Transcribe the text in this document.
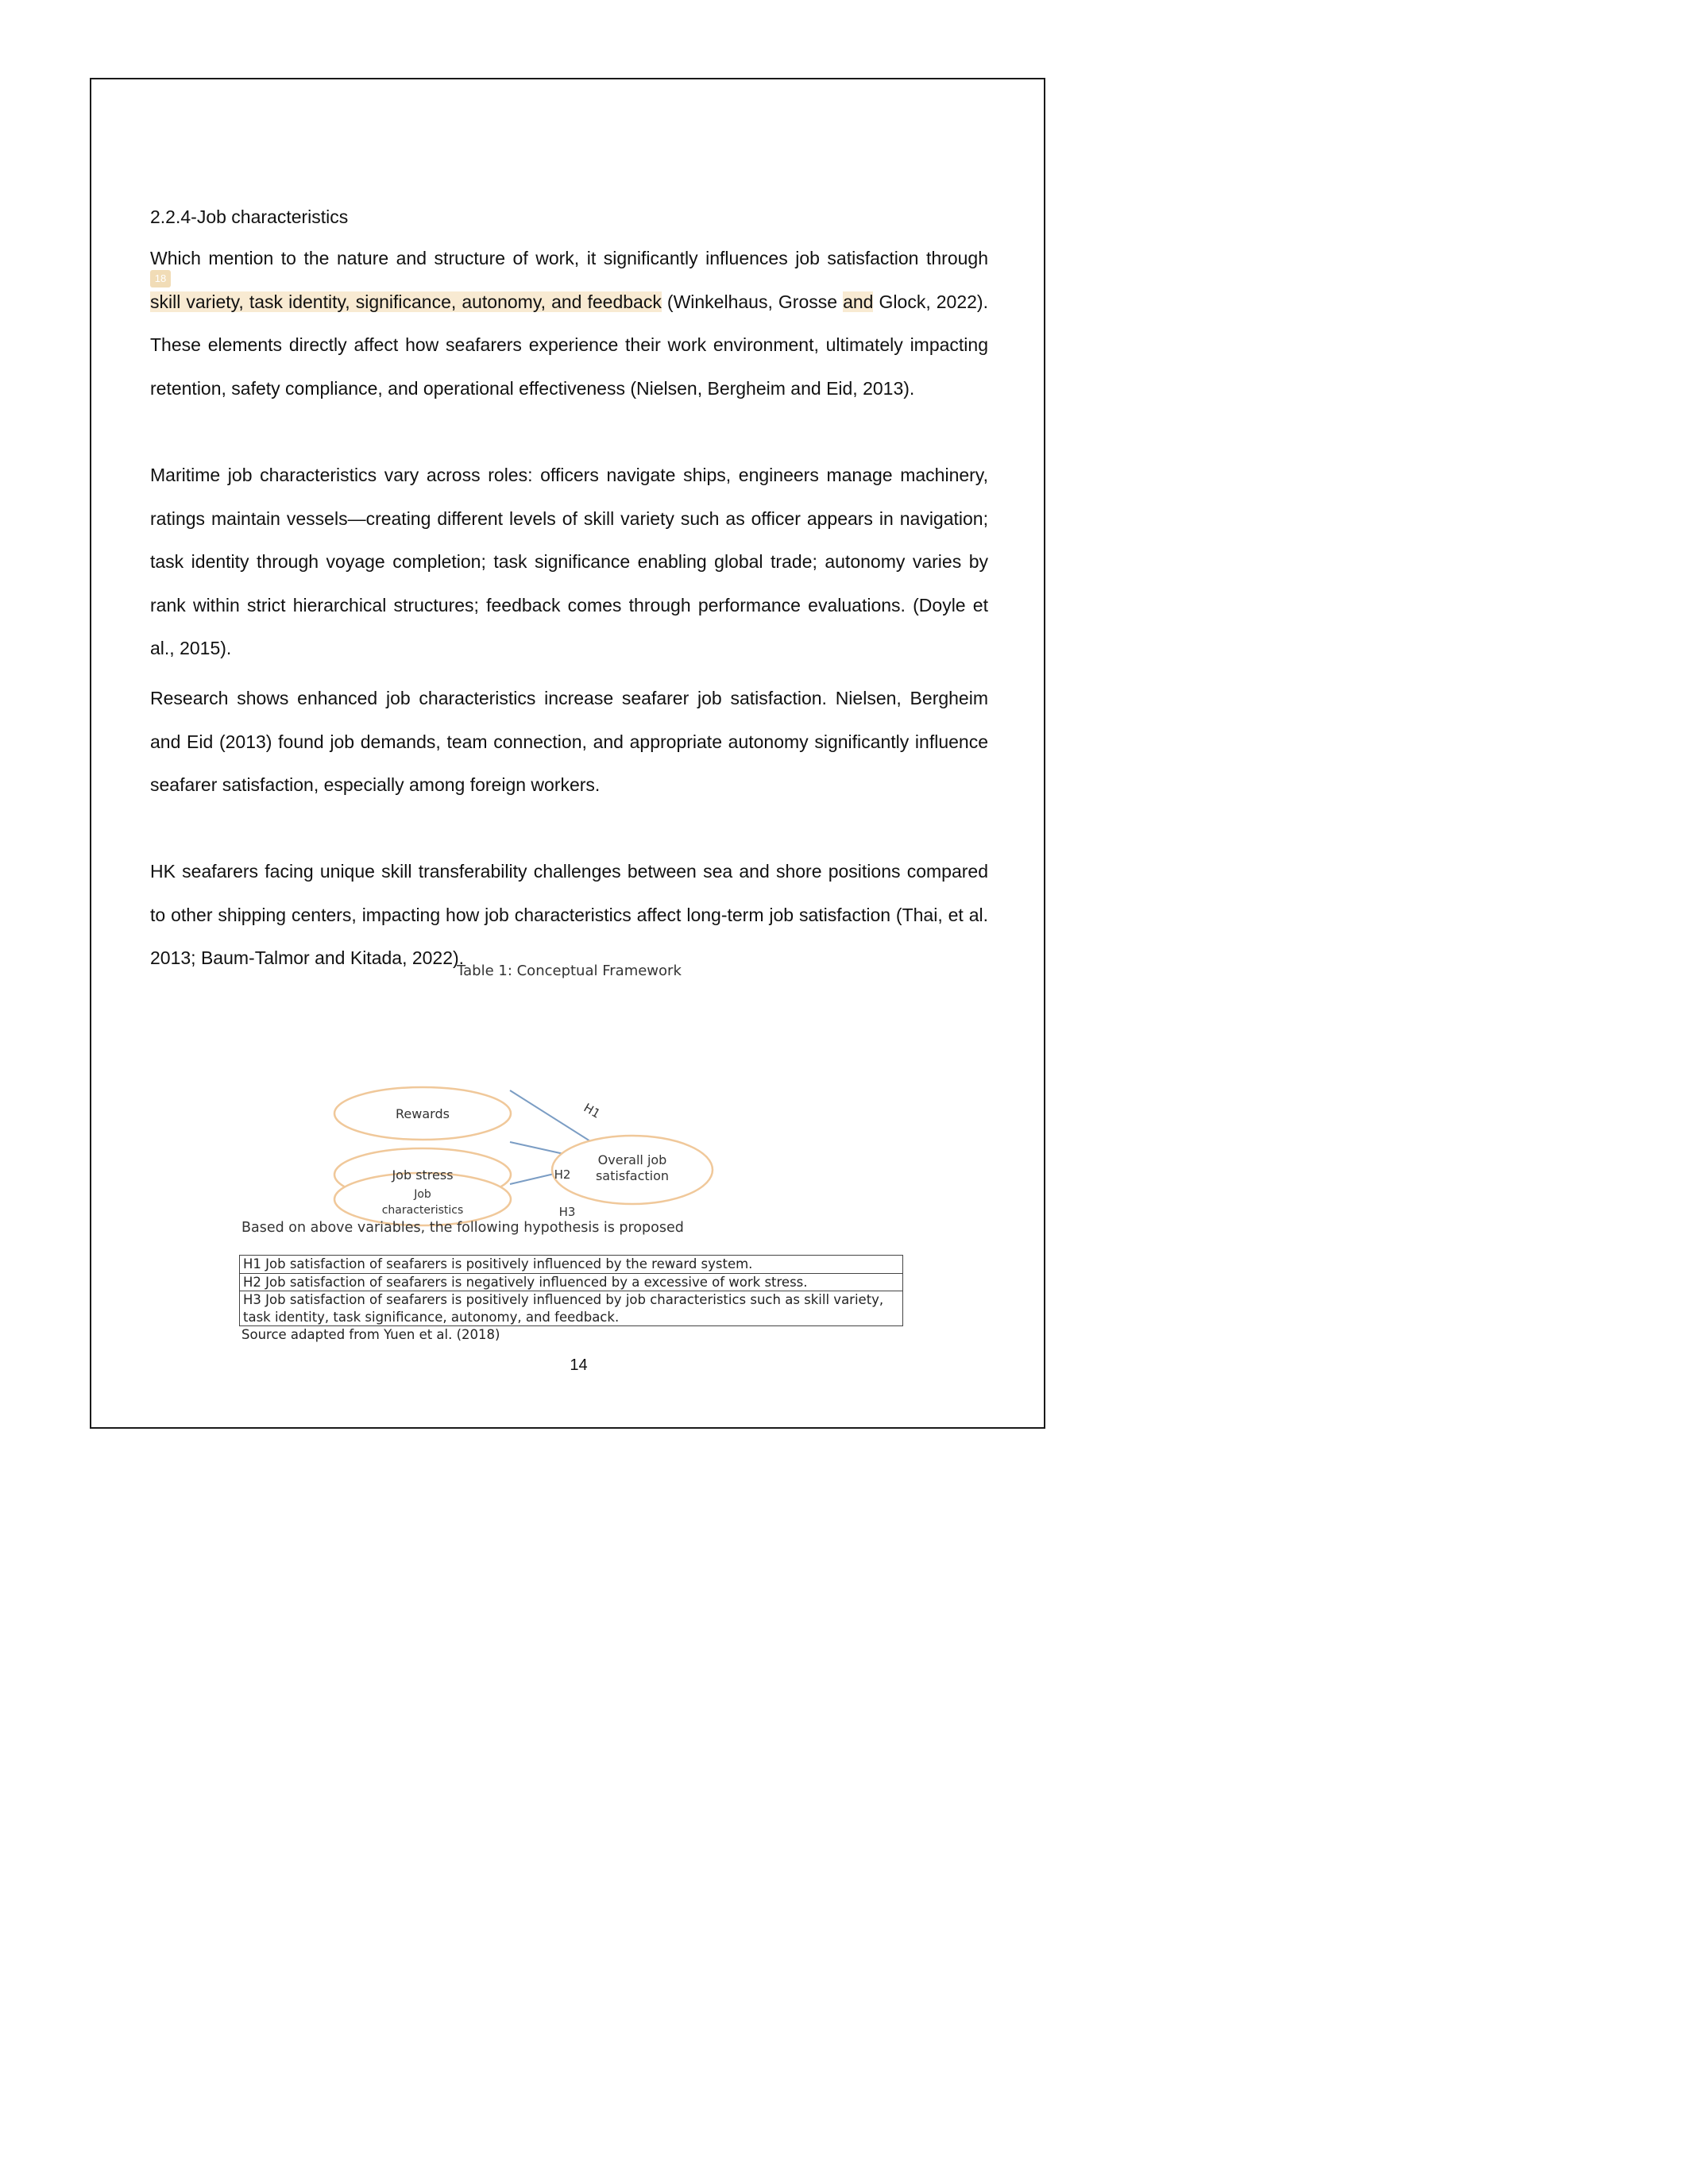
2.2.4-Job characteristics
18
Which mention to the nature and structure of work, it significantly influences job satisfaction through skill variety, task identity, significance, autonomy, and feedback (Winkelhaus, Grosse and Glock, 2022). These elements directly affect how seafarers experience their work environment, ultimately impacting retention, safety compliance, and operational effectiveness (Nielsen, Bergheim and Eid, 2013).
Maritime job characteristics vary across roles: officers navigate ships, engineers manage machinery, ratings maintain vessels—creating different levels of skill variety such as officer appears in navigation; task identity through voyage completion; task significance enabling global trade; autonomy varies by rank within strict hierarchical structures; feedback comes through performance evaluations. (Doyle et al., 2015).
Research shows enhanced job characteristics increase seafarer job satisfaction. Nielsen, Bergheim and Eid (2013) found job demands, team connection, and appropriate autonomy significantly influence seafarer satisfaction, especially among foreign workers.
HK seafarers facing unique skill transferability challenges between sea and shore positions compared to other shipping centers, impacting how job characteristics affect long-term job satisfaction (Thai, et al. 2013; Baum-Talmor and Kitada, 2022).
Table 1: Conceptual Framework
Rewards
Job stress
Job
characteristics
Overall job
satisfaction
H1
H2
H3
Based on above variables, the following hypothesis is proposed
H1 Job satisfaction of seafarers is positively influenced by the reward system.
H2 Job satisfaction of seafarers is negatively influenced by a excessive of work stress.
H3 Job satisfaction of seafarers is positively influenced by job characteristics such as skill variety, task identity, task significance, autonomy, and feedback.
Source adapted from Yuen et al. (2018)
14
